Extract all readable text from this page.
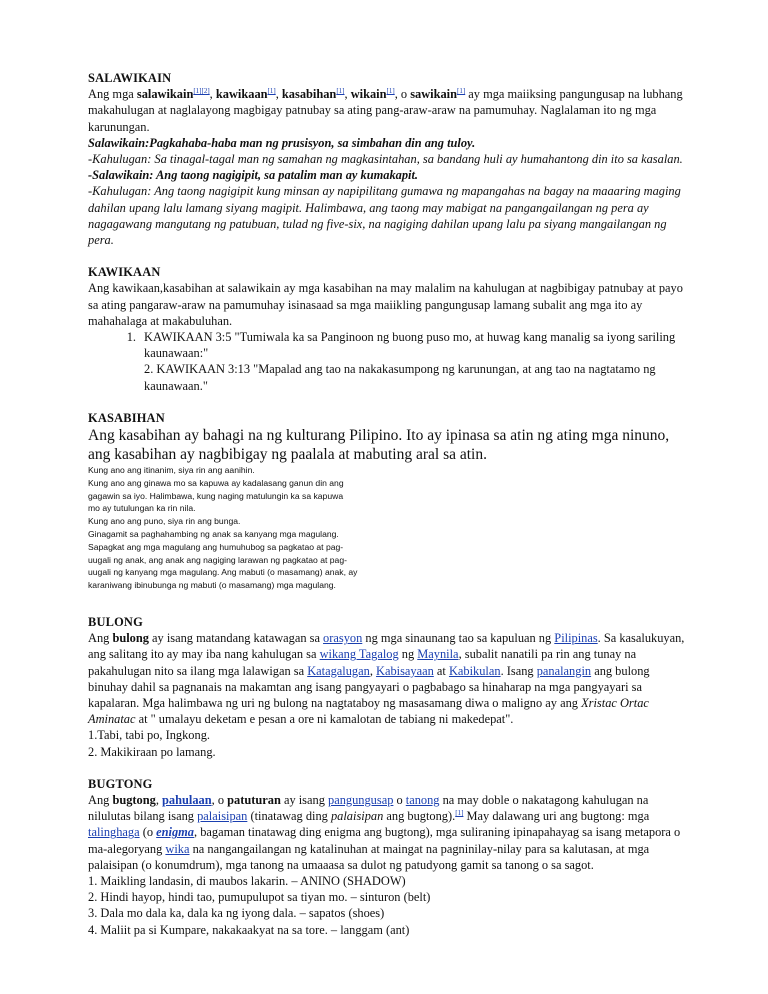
SALAWIKAIN

Ang mga salawikain[1][2], kawikaan[1], kasabihan[1], wikain[1], o sawikain[1] ay mga maiiksing pangungusap na lubhang makahulugan at naglalayong magbigay patnubay sa ating pang-araw-araw na pamumuhay. Naglalaman ito ng mga karunungan.

Salawikain:Pagkahaba-haba man ng prusisyon, sa simbahan din ang tuloy.

-Kahulugan: Sa tinagal-tagal man ng samahan ng magkasintahan, sa bandang huli ay humahantong din ito sa kasalan.

-Salawikain: Ang taong nagigipit, sa patalim man ay kumakapit.

-Kahulugan: Ang taong nagigipit kung minsan ay napipilitang gumawa ng mapangahas na bagay na maaaring maging dahilan upang lalu lamang siyang magipit. Halimbawa, ang taong may mabigat na pangangailangan ng pera ay nagagawang mangutang ng patubuan, tulad ng five-six, na nagiging dahilan upang lalu pa siyang mangailangan ng pera.

KAWIKAAN

Ang kawikaan,kasabihan at salawikain ay mga kasabihan na may malalim na kahulugan at nagbibigay patnubay at payo sa ating pangaraw-araw na pamumuhay isinasaad sa mga maiikling pangungusap lamang subalit ang mga ito ay mahahalaga at makabuluhan.

1. KAWIKAAN 3:5 "Tumiwala ka sa Panginoon ng buong puso mo, at huwag kang manalig sa iyong sariling kaunawaan:"

2. KAWIKAAN 3:13 "Mapalad ang tao na nakakasumpong ng karunungan, at ang tao na nagtatamo ng kaunawaan."

KASABIHAN

Ang kasabihan ay bahagi na ng kulturang Pilipino. Ito ay ipinasa sa atin ng ating mga ninuno, ang kasabihan ay nagbibigay ng paalala at mabuting aral sa atin.

Kung ano ang itinanim, siya rin ang aanihin.

Kung ano ang ginawa mo sa kapuwa ay kadalasang ganun din ang

gagawin sa iyo. Halimbawa, kung naging matulungin ka sa kapuwa

mo ay tutulungan ka rin nila.

Kung ano ang puno, siya rin ang bunga.

Ginagamit sa paghahambing ng anak sa kanyang mga magulang.

Sapagkat ang mga magulang ang humuhubog sa pagkatao at pag-

uugali ng anak, ang anak ang nagiging larawan ng pagkatao at pag-

uugali ng kanyang mga magulang. Ang mabuti (o masamang) anak, ay

karaniwang ibinubunga ng mabuti (o masamang) mga magulang.

BULONG

Ang bulong ay isang matandang katawagan sa orasyon ng mga sinaunang tao sa kapuluan ng Pilipinas. Sa kasalukuyan, ang salitang ito ay may iba nang kahulugan sa wikang Tagalog ng Maynila, subalit nanatili pa rin ang tunay na pakahulugan nito sa ilang mga lalawigan sa Katagalugan, Kabisayaan at Kabikulan. Isang panalangin ang bulong binuhay dahil sa pagnanais na makamtan ang isang pangyayari o pagbabago sa hinaharap na mga pangyayari sa kapalaran. Mga halimbawa ng uri ng bulong na nagtataboy ng masasamang diwa o maligno ay ang Xristac Ortac Aminatac at " umalayu deketam e pesan a ore ni kamalotan de tabiang ni makedepat".

1.Tabi, tabi po, Ingkong.

2. Makikiraan po lamang.

BUGTONG

Ang bugtong, pahulaan, o patuturan ay isang pangungusap o tanong na may doble o nakatagong kahulugan na nilulutas bilang isang palaisipan (tinatawag ding palaisipan ang bugtong).[1] May dalawang uri ang bugtong: mga talinghaga (o enigma, bagaman tinatawag ding enigma ang bugtong), mga suliraning ipinapahayag sa isang metapora o ma-alegoryang wika na nangangailangan ng katalinuhan at maingat na pagninilay-nilay para sa kalutasan, at mga palaisipan (o konumdrum), mga tanong na umaaasa sa dulot ng patudyong gamit sa tanong o sa sagot.

1. Maikling landasin, di maubos lakarin. – ANINO (SHADOW)

2. Hindi hayop, hindi tao, pumupulupot sa tiyan mo. – sinturon (belt)

3. Dala mo dala ka, dala ka ng iyong dala. – sapatos (shoes)

4. Maliit pa si Kumpare, nakakaakyat na sa tore. – langgam (ant)
